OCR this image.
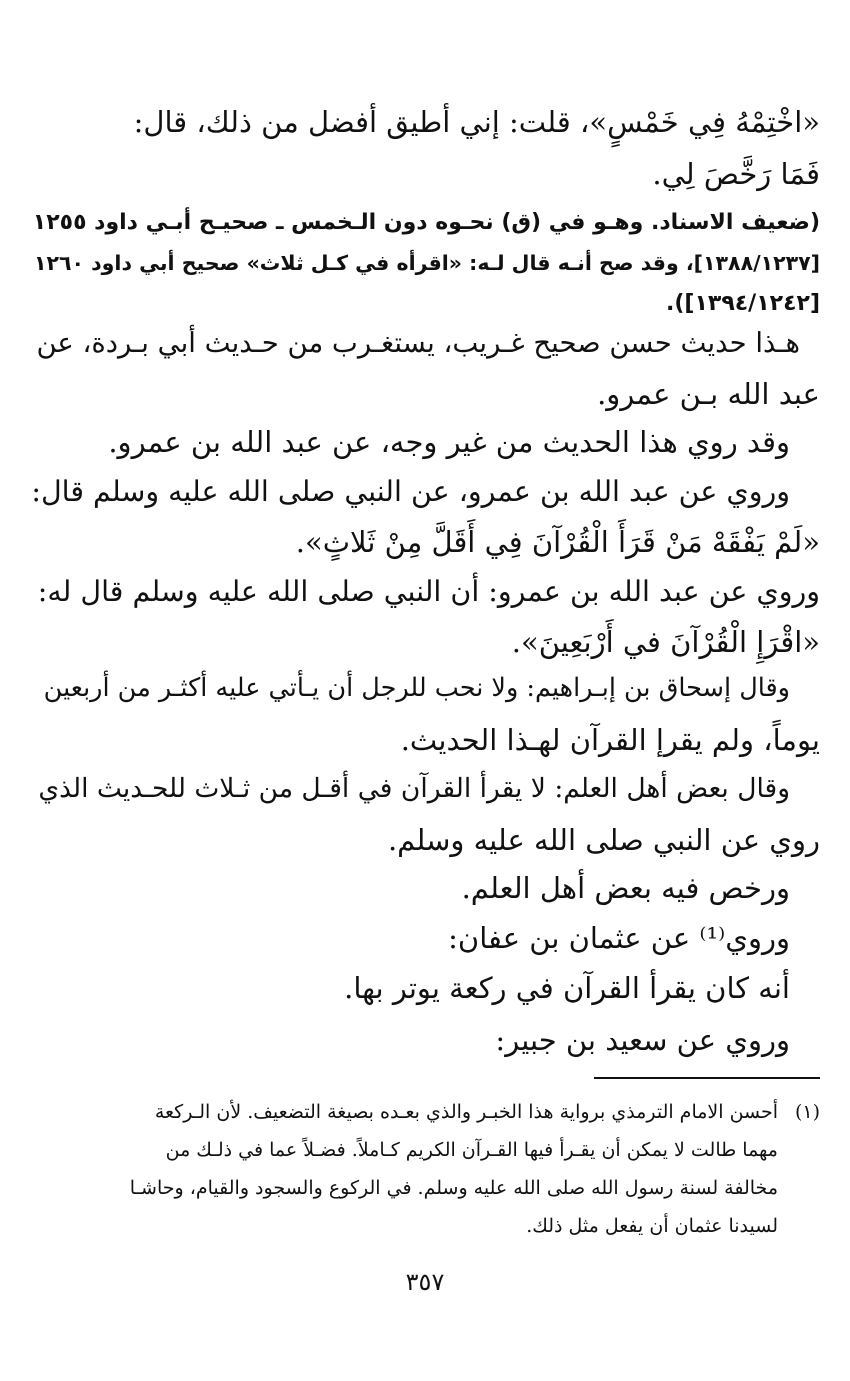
«اخْتِمْهُ فِي خَمْسٍ»، قلت: إني أطيق أفضل من ذلك، قال:
فَمَا رَخَّصَ لِي.
(ضعيف الاسناد. وهـو في (ق) نحـوه دون الـخمس ـ صحيـح أبـي داود ١٢٥٥
[١٣٨٨/١٢٣٧]، وقد صح أنـه قال لـه: «اقرأه في كـل ثلاث» صحيح أبي داود ١٢٦٠
[١٣٩٤/١٢٤٢]).
هـذا حديث حسن صحيح غـريب، يستغـرب من حـديث أبي بـردة، عن
عبد الله بـن عمرو.
وقد روي هذا الحديث من غير وجه، عن عبد الله بن عمرو.
وروي عن عبد الله بن عمرو، عن النبي صلى الله عليه وسلم قال:
«لَمْ يَفْقَهْ مَنْ قَرَأَ الْقُرْآنَ فِي أَقَلَّ مِنْ ثَلاثٍ».
وروي عن عبد الله بن عمرو: أن النبي صلى الله عليه وسلم قال له:
«اقْرَإِ الْقُرْآنَ في أَرْبَعِينَ».
وقال إسحاق بن إبـراهيم: ولا نحب للرجل أن يـأتي عليه أكثـر من أربعين
يوماً، ولم يقرإ القرآن لهـذا الحديث.
وقال بعض أهل العلم: لا يقرأ القرآن في أقـل من ثـلاث للحـديث الذي
روي عن النبي صلى الله عليه وسلم.
ورخص فيه بعض أهل العلم.
وروي⁽¹⁾ عن عثمان بن عفان:
أنه كان يقرأ القرآن في ركعة يوتر بها.
وروي عن سعيد بن جبير:
(١)
أحسن الامام الترمذي برواية هذا الخبـر والذي بعـده بصيغة التضعيف. لأن الـركعة
مهما طالت لا يمكن أن يقـرأ فيها القـرآن الكريم كـاملاً. فضـلاً عما في ذلـك من
مخالفة لسنة رسول الله صلى الله عليه وسلم. في الركوع والسجود والقيام، وحاشـا
لسيدنا عثمان أن يفعل مثل ذلك.
٣٥٧
